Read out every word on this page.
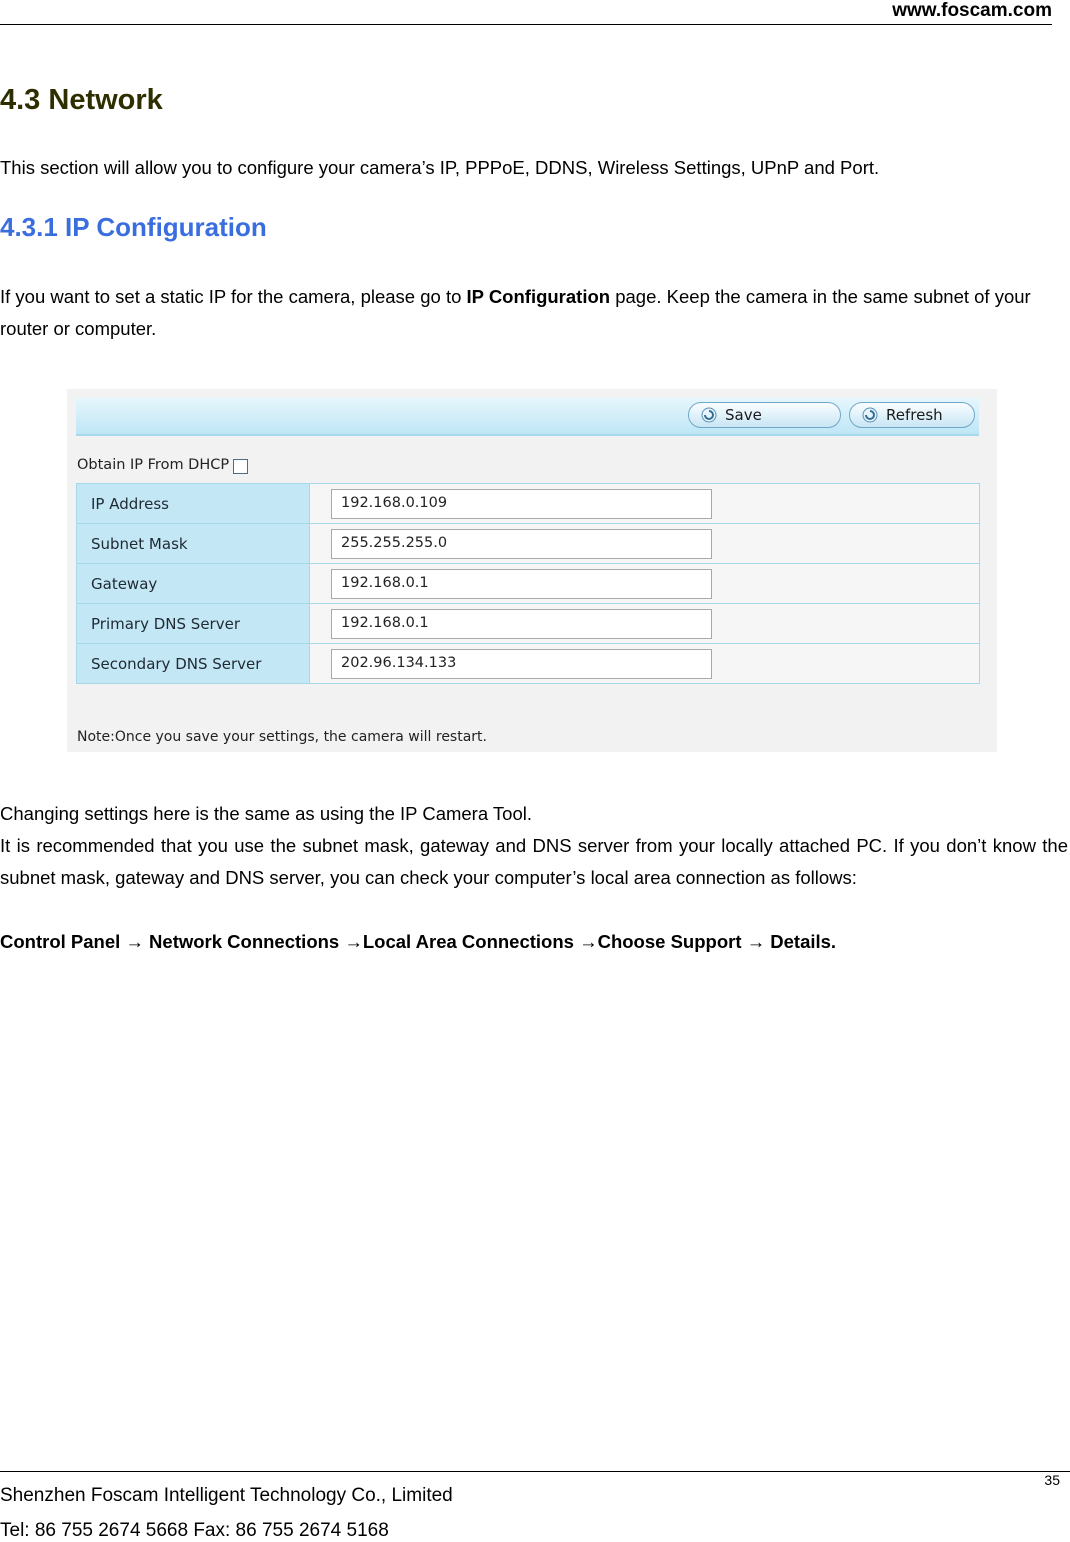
www.foscam.com
4.3 Network

This section will allow you to configure your camera’s IP, PPPoE, DDNS, Wireless Settings, UPnP and Port.

4.3.1 IP Configuration

If you want to set a static IP for the camera, please go to IP Configuration page. Keep the camera in the same subnet of your router or computer.

Save	Refresh
Obtain IP From DHCP
IP Address	192.168.0.109

Subnet Mask	255.255.255.0

Gateway	192.168.0.1

Primary DNS Server	192.168.0.1

Secondary DNS Server	202.96.134.133
Note:Once you save your settings, the camera will restart.

Changing settings here is the same as using the IP Camera Tool.

It is recommended that you use the subnet mask, gateway and DNS server from your locally attached PC. If you don’t know the subnet mask, gateway and DNS server, you can check your computer’s local area connection as follows:

Control Panel → Network Connections →Local Area Connections →Choose Support → Details.

35
Shenzhen Foscam Intelligent Technology Co., Limited
Tel: 86 755 2674 5668 Fax: 86 755 2674 5168
